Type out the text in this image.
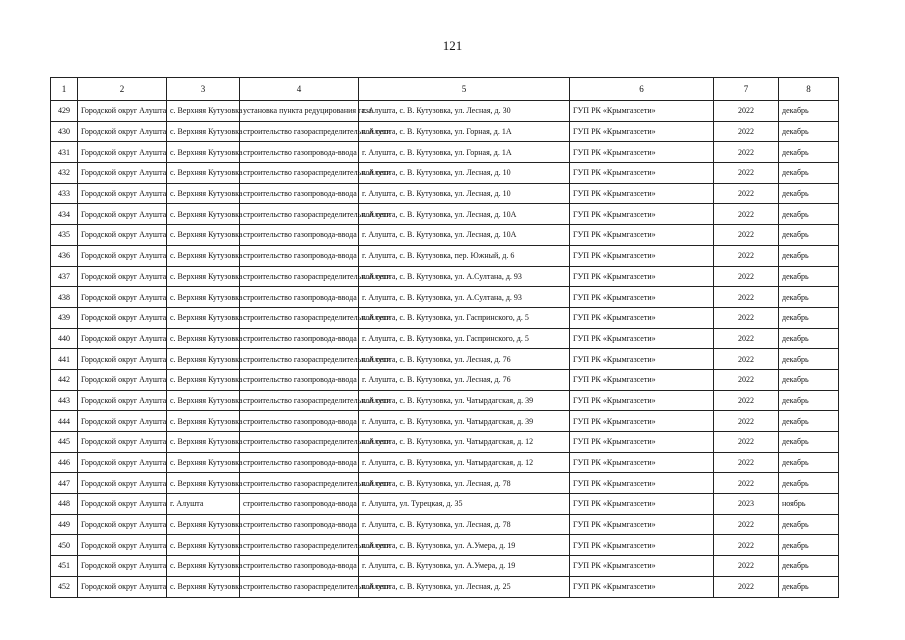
121
1	2	3	4	5	6	7	8
429	Городской округ Алушта	с. Верхняя Кутузовка	установка пункта редуцирования газа	г. Алушта, с. В. Кутузовка, ул. Лесная, д. 30	ГУП РК «Крымгазсети»	2022	декабрь
430	Городской округ Алушта	с. Верхняя Кутузовка	строительство газораспределительной сети	г. Алушта, с. В. Кутузовка, ул. Горная, д. 1А	ГУП РК «Крымгазсети»	2022	декабрь
431	Городской округ Алушта	с. Верхняя Кутузовка	строительство газопровода-ввода	г. Алушта, с. В. Кутузовка, ул. Горная, д. 1А	ГУП РК «Крымгазсети»	2022	декабрь
432	Городской округ Алушта	с. Верхняя Кутузовка	строительство газораспределительной сети	г. Алушта, с. В. Кутузовка, ул. Лесная, д. 10	ГУП РК «Крымгазсети»	2022	декабрь
433	Городской округ Алушта	с. Верхняя Кутузовка	строительство газопровода-ввода	г. Алушта, с. В. Кутузовка, ул. Лесная, д. 10	ГУП РК «Крымгазсети»	2022	декабрь
434	Городской округ Алушта	с. Верхняя Кутузовка	строительство газораспределительной сети	г. Алушта, с. В. Кутузовка, ул. Лесная, д. 10А	ГУП РК «Крымгазсети»	2022	декабрь
435	Городской округ Алушта	с. Верхняя Кутузовка	строительство газопровода-ввода	г. Алушта, с. В. Кутузовка, ул. Лесная, д. 10А	ГУП РК «Крымгазсети»	2022	декабрь
436	Городской округ Алушта	с. Верхняя Кутузовка	строительство газопровода-ввода	г. Алушта, с. В. Кутузовка, пер. Южный, д. 6	ГУП РК «Крымгазсети»	2022	декабрь
437	Городской округ Алушта	с. Верхняя Кутузовка	строительство газораспределительной сети	г. Алушта, с. В. Кутузовка, ул. А.Султана, д. 93	ГУП РК «Крымгазсети»	2022	декабрь
438	Городской округ Алушта	с. Верхняя Кутузовка	строительство газопровода-ввода	г. Алушта, с. В. Кутузовка, ул. А.Султана, д. 93	ГУП РК «Крымгазсети»	2022	декабрь
439	Городской округ Алушта	с. Верхняя Кутузовка	строительство газораспределительной сети	г. Алушта, с. В. Кутузовка, ул. Гаспринского, д. 5	ГУП РК «Крымгазсети»	2022	декабрь
440	Городской округ Алушта	с. Верхняя Кутузовка	строительство газопровода-ввода	г. Алушта, с. В. Кутузовка, ул. Гаспринского, д. 5	ГУП РК «Крымгазсети»	2022	декабрь
441	Городской округ Алушта	с. Верхняя Кутузовка	строительство газораспределительной сети	г. Алушта, с. В. Кутузовка, ул. Лесная, д. 76	ГУП РК «Крымгазсети»	2022	декабрь
442	Городской округ Алушта	с. Верхняя Кутузовка	строительство газопровода-ввода	г. Алушта, с. В. Кутузовка, ул. Лесная, д. 76	ГУП РК «Крымгазсети»	2022	декабрь
443	Городской округ Алушта	с. Верхняя Кутузовка	строительство газораспределительной сети	г. Алушта, с. В. Кутузовка, ул. Чатырдагская, д. 39	ГУП РК «Крымгазсети»	2022	декабрь
444	Городской округ Алушта	с. Верхняя Кутузовка	строительство газопровода-ввода	г. Алушта, с. В. Кутузовка, ул. Чатырдагская, д. 39	ГУП РК «Крымгазсети»	2022	декабрь
445	Городской округ Алушта	с. Верхняя Кутузовка	строительство газораспределительной сети	г. Алушта, с. В. Кутузовка, ул. Чатырдагская, д. 12	ГУП РК «Крымгазсети»	2022	декабрь
446	Городской округ Алушта	с. Верхняя Кутузовка	строительство газопровода-ввода	г. Алушта, с. В. Кутузовка, ул. Чатырдагская, д. 12	ГУП РК «Крымгазсети»	2022	декабрь
447	Городской округ Алушта	с. Верхняя Кутузовка	строительство газораспределительной сети	г. Алушта, с. В. Кутузовка, ул. Лесная, д. 78	ГУП РК «Крымгазсети»	2022	декабрь
448	Городской округ Алушта	г. Алушта	строительство газопровода-ввода	г. Алушта, ул. Турецкая, д. 35	ГУП РК «Крымгазсети»	2023	ноябрь
449	Городской округ Алушта	с. Верхняя Кутузовка	строительство газопровода-ввода	г. Алушта, с. В. Кутузовка, ул. Лесная, д. 78	ГУП РК «Крымгазсети»	2022	декабрь
450	Городской округ Алушта	с. Верхняя Кутузовка	строительство газораспределительной сети	г. Алушта, с. В. Кутузовка, ул. А.Умера, д. 19	ГУП РК «Крымгазсети»	2022	декабрь
451	Городской округ Алушта	с. Верхняя Кутузовка	строительство газопровода-ввода	г. Алушта, с. В. Кутузовка, ул. А.Умера, д. 19	ГУП РК «Крымгазсети»	2022	декабрь
452	Городской округ Алушта	с. Верхняя Кутузовка	строительство газораспределительной сети	г. Алушта, с. В. Кутузовка, ул. Лесная, д. 25	ГУП РК «Крымгазсети»	2022	декабрь
